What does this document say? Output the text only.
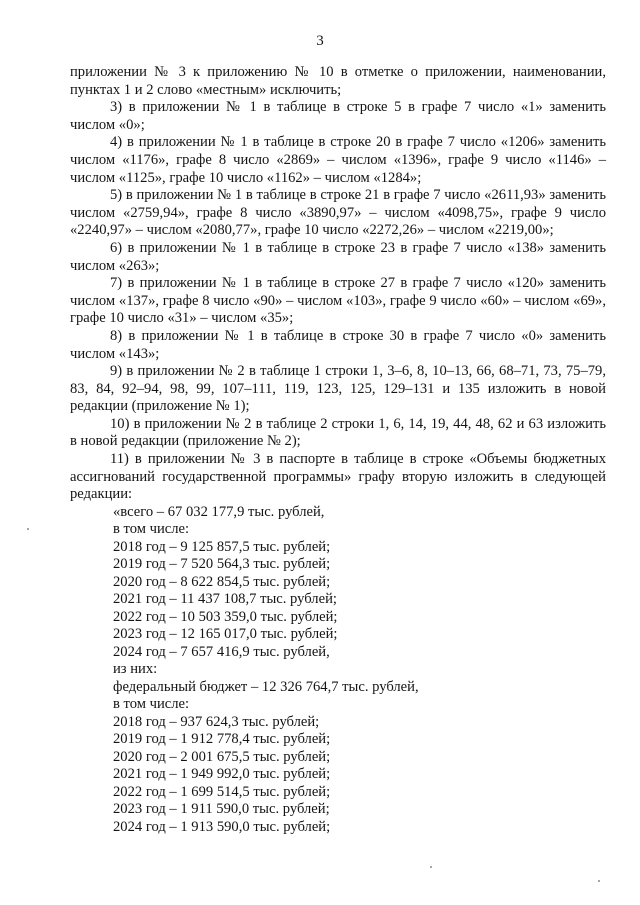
3

приложении № 3 к приложению № 10 в отметке о приложении, наименовании, пунктах 1 и 2 слово «местным» исключить;

3) в приложении № 1 в таблице в строке 5 в графе 7 число «1» заменить числом «0»;

4) в приложении № 1 в таблице в строке 20 в графе 7 число «1206» заменить числом «1176», графе 8 число «2869» – числом «1396», графе 9 число «1146» – числом «1125», графе 10 число «1162» – числом «1284»;

5) в приложении № 1 в таблице в строке 21 в графе 7 число «2611,93» заменить числом «2759,94», графе 8 число «3890,97» – числом «4098,75», графе 9 число «2240,97» – числом «2080,77», графе 10 число «2272,26» – числом «2219,00»;

6) в приложении № 1 в таблице в строке 23 в графе 7 число «138» заменить числом «263»;

7) в приложении № 1 в таблице в строке 27 в графе 7 число «120» заменить числом «137», графе 8 число «90» – числом «103», графе 9 число «60» – числом «69», графе 10 число «31» – числом «35»;

8) в приложении № 1 в таблице в строке 30 в графе 7 число «0» заменить числом «143»;

9) в приложении № 2 в таблице 1 строки 1, 3–6, 8, 10–13, 66, 68–71, 73, 75–79, 83, 84, 92–94, 98, 99, 107–111, 119, 123, 125, 129–131 и 135 изложить в новой редакции (приложение № 1);

10) в приложении № 2 в таблице 2 строки 1, 6, 14, 19, 44, 48, 62 и 63 изложить в новой редакции (приложение № 2);

11) в приложении № 3 в паспорте в таблице в строке «Объемы бюджетных ассигнований государственной программы» графу вторую изложить в следующей редакции:

«всего – 67 032 177,9 тыс. рублей,
в том числе:
2018 год – 9 125 857,5 тыс. рублей;
2019 год – 7 520 564,3 тыс. рублей;
2020 год – 8 622 854,5 тыс. рублей;
2021 год – 11 437 108,7 тыс. рублей;
2022 год – 10 503 359,0 тыс. рублей;
2023 год – 12 165 017,0 тыс. рублей;
2024 год – 7 657 416,9 тыс. рублей,
из них:
федеральный бюджет – 12 326 764,7 тыс. рублей,
в том числе:
2018 год – 937 624,3 тыс. рублей;
2019 год – 1 912 778,4 тыс. рублей;
2020 год – 2 001 675,5 тыс. рублей;
2021 год – 1 949 992,0 тыс. рублей;
2022 год – 1 699 514,5 тыс. рублей;
2023 год – 1 911 590,0 тыс. рублей;
2024 год – 1 913 590,0 тыс. рублей;
